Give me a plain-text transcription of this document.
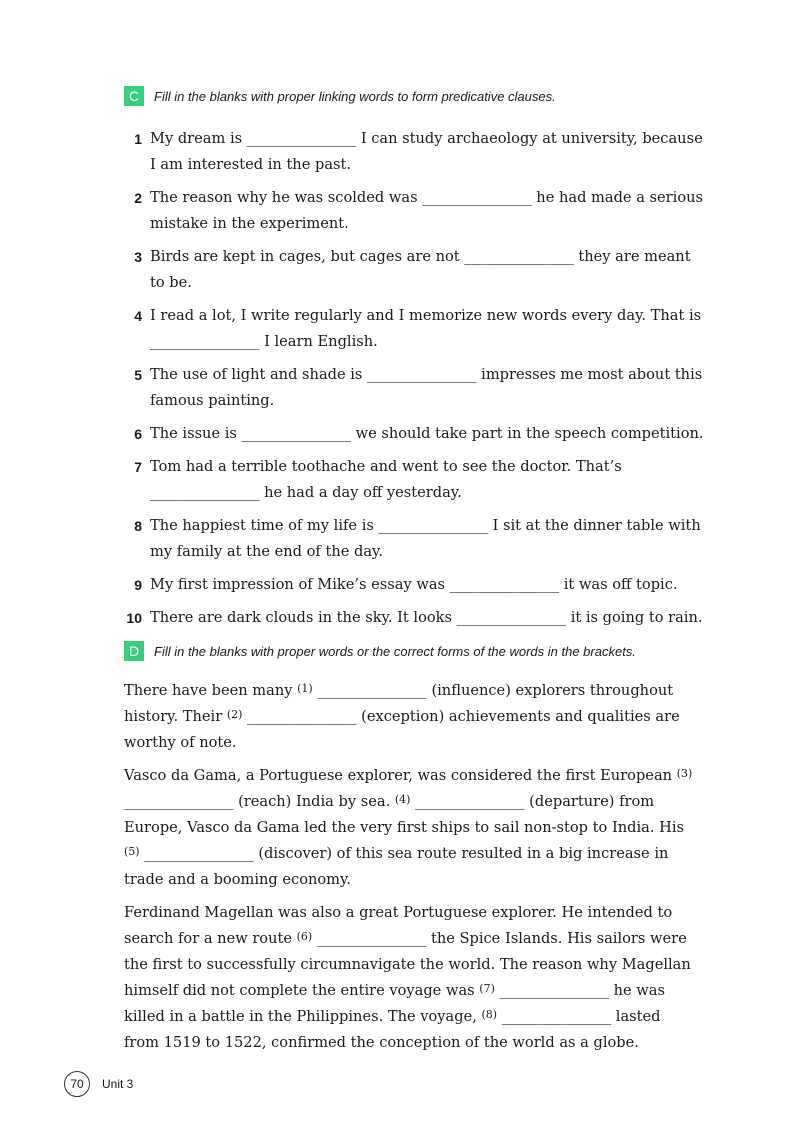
C	Fill in the blanks with proper linking words to form predicative clauses.
1 My dream is _______________ I can study archaeology at university, because I am interested in the past.
2 The reason why he was scolded was _______________ he had made a serious mistake in the experiment.
3 Birds are kept in cages, but cages are not _______________ they are meant to be.
4 I read a lot, I write regularly and I memorize new words every day. That is _______________ I learn English.
5 The use of light and shade is _______________ impresses me most about this famous painting.
6 The issue is _______________ we should take part in the speech competition.
7 Tom had a terrible toothache and went to see the doctor. That’s _______________ he had a day off yesterday.
8 The happiest time of my life is _______________ I sit at the dinner table with my family at the end of the day.
9 My first impression of Mike’s essay was _______________ it was off topic.
10 There are dark clouds in the sky. It looks _______________ it is going to rain.
D	Fill in the blanks with proper words or the correct forms of the words in the brackets.
There have been many $^{(1)}$ _______________ (influence) explorers throughout history. Their $^{(2)}$ _______________ (exception) achievements and qualities are worthy of note.
Vasco da Gama, a Portuguese explorer, was considered the first European $^{(3)}$ _______________ (reach) India by sea. $^{(4)}$ _______________ (departure) from Europe, Vasco da Gama led the very first ships to sail non-stop to India. His $^{(5)}$ _______________ (discover) of this sea route resulted in a big increase in trade and a booming economy.
Ferdinand Magellan was also a great Portuguese explorer. He intended to search for a new route $^{(6)}$ _______________ the Spice Islands. His sailors were the first to successfully circumnavigate the world. The reason why Magellan himself did not complete the entire voyage was $^{(7)}$ _______________ he was killed in a battle in the Philippines. The voyage, $^{(8)}$ _______________ lasted from 1519 to 1522, confirmed the conception of the world as a globe.
70	Unit 3
